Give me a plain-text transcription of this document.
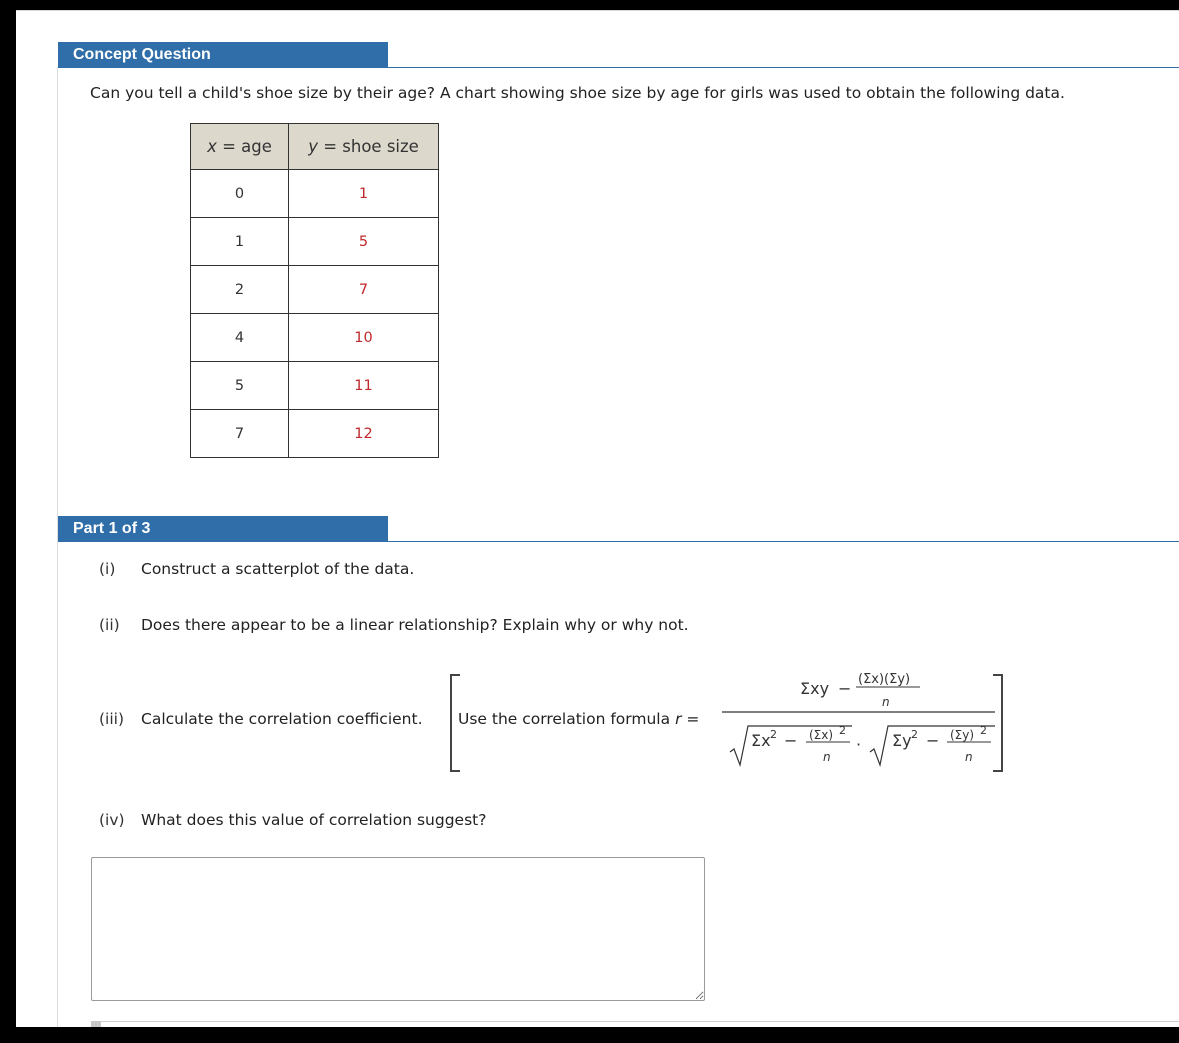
Concept Question
Can you tell a child's shoe size by their age? A chart showing shoe size by age for girls was used to obtain the following data.
x = age	y = shoe size
0	1
1	5
2	7
4	10
5	11
7	12
Part 1 of 3
(i) Construct a scatterplot of the data.
(ii) Does there appear to be a linear relationship? Explain why or why not.
(iii) Calculate the correlation coefficient. Use the correlation formula r =
Σxy − (Σx)(Σy)
n
Σx 2 − (Σx) 2
n
· Σy 2 − (Σy) 2
n
(iv) What does this value of correlation suggest?
